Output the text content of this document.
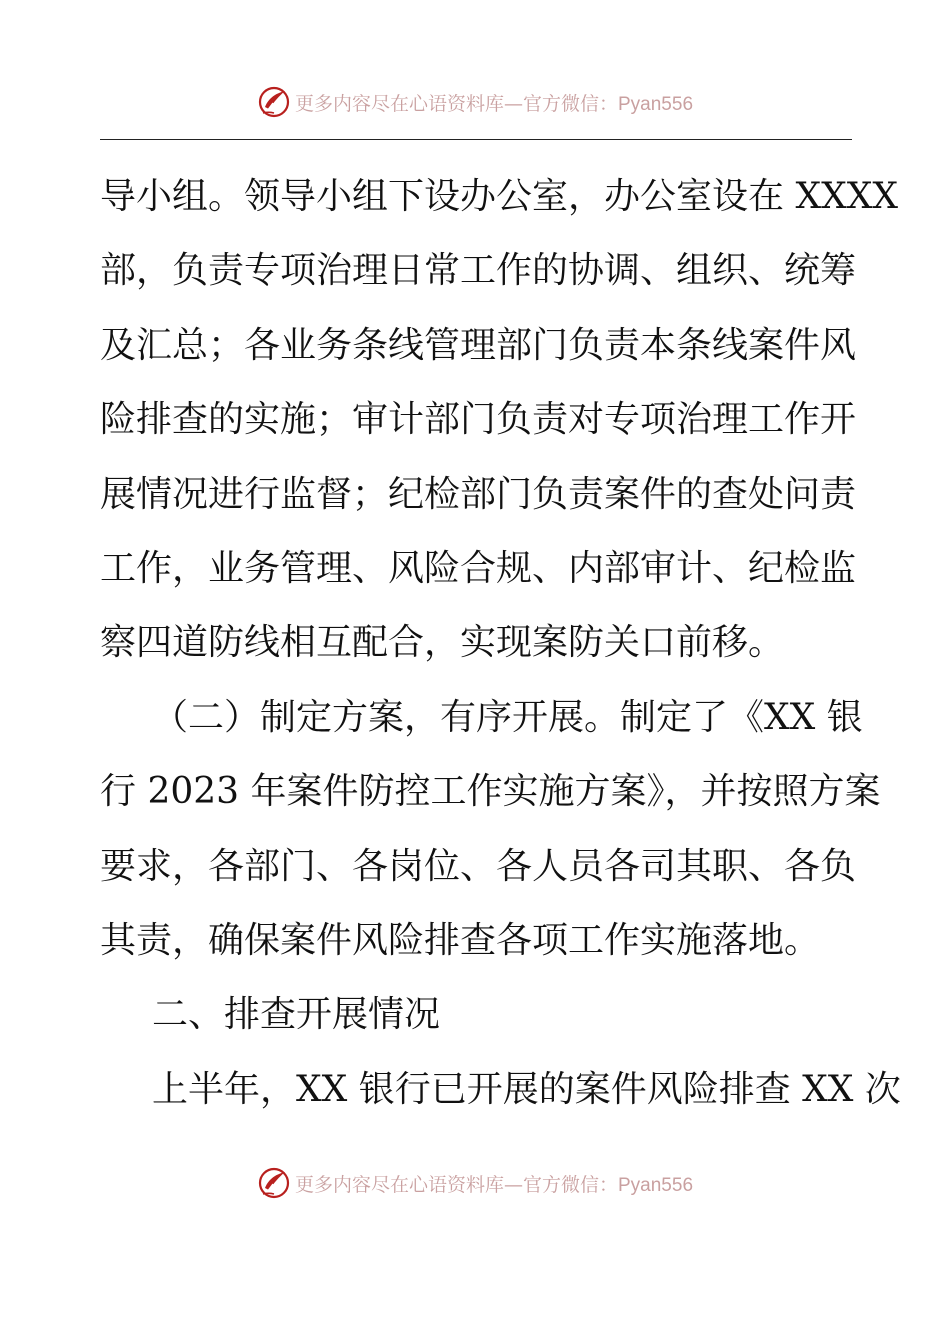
更多内容尽在心语资料库— 官方微信：Pyan556
导小组。领导小组下设办公室，办公室设在 XXXX
部，负责专项治理日常工作的协调、组织、统筹
及汇总；各业务条线管理部门负责本条线案件风
险排查的实施；审计部门负责对专项治理工作开
展情况进行监督；纪检部门负责案件的查处问责
工作，业务管理、风险合规、内部审计、纪检监
察四道防线相互配合，实现案防关口前移。
（二）制定方案，有序开展。制定了《XX 银
行 2023 年案件防控工作实施方案》，并按照方案
要求，各部门、各岗位、各人员各司其职、各负
其责，确保案件风险排查各项工作实施落地。
二、排查开展情况
上半年，XX 银行已开展的案件风险排查 XX 次
更多内容尽在心语资料库— 官方微信：Pyan556
